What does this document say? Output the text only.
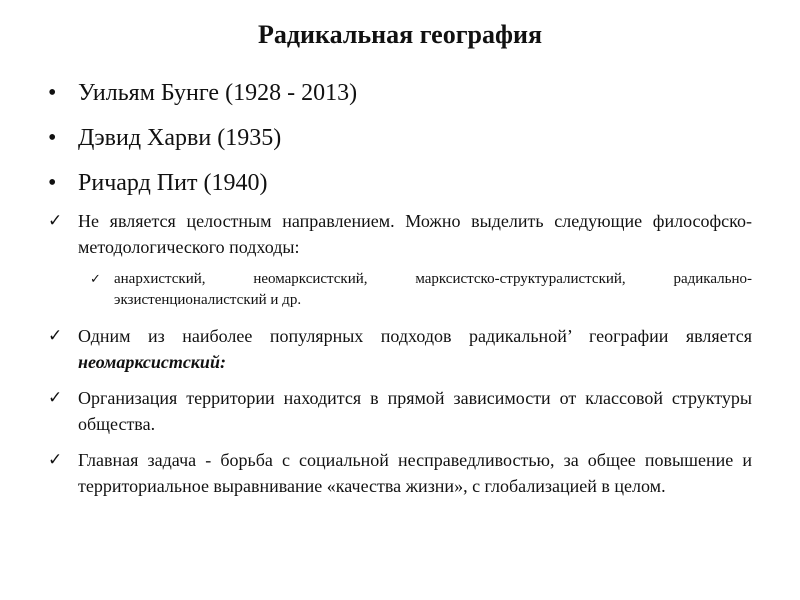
Радикальная география
• Уильям Бунге (1928 - 2013)
• Дэвид Харви (1935)
• Ричард Пит (1940)
✓ Не является целостным направлением. Можно выделить следующие философско-методологического подходы:
✓ анархистский, неомарксистский, марксистско-структуралистский, радикально-экзистенционалистский и др.
✓ Одним из наиболее популярных подходов радикальной’ географии является неомарксистский:
✓ Организация территории находится в прямой зависимости от классовой структуры общества.
✓ Главная задача - борьба с социальной несправедливостью, за общее повышение и территориальное выравнивание «качества жизни», с глобализацией в целом.
